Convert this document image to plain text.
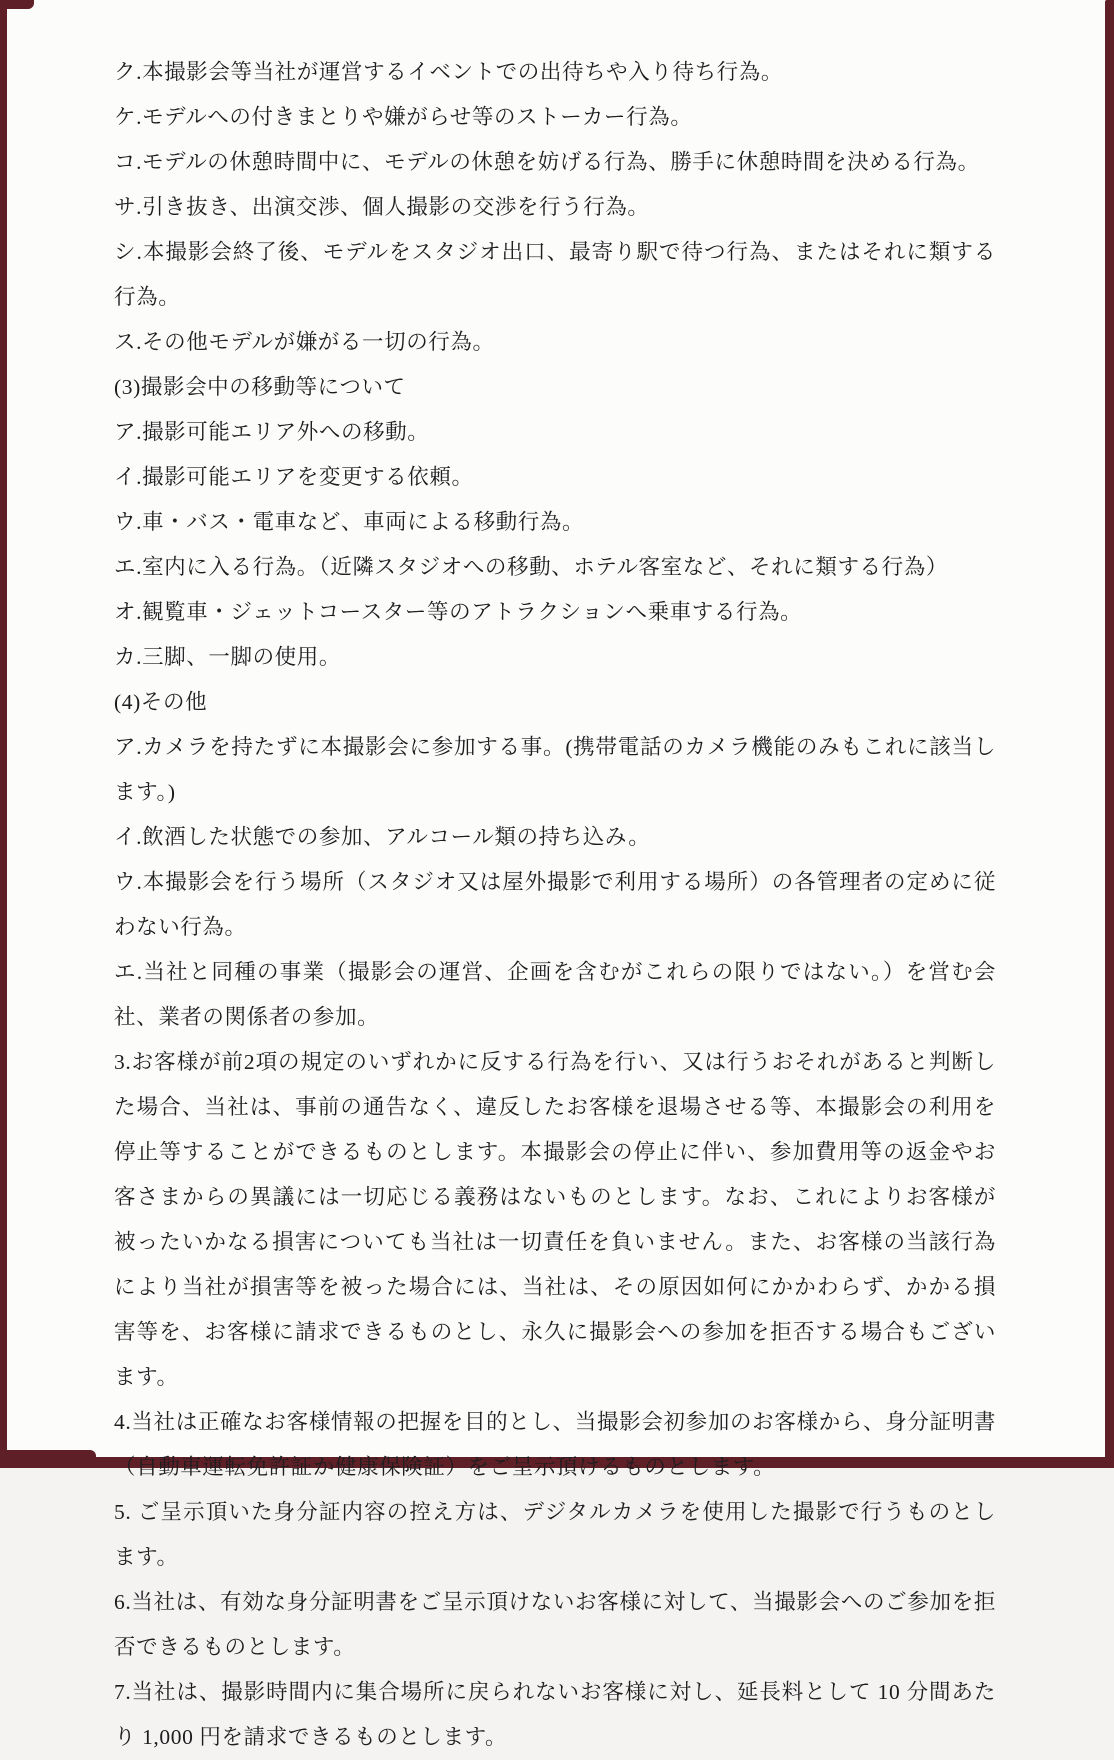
ク.本撮影会等当社が運営するイベントでの出待ちや入り待ち行為。

ケ.モデルへの付きまとりや嫌がらせ等のストーカー行為。

コ.モデルの休憩時間中に、モデルの休憩を妨げる行為、勝手に休憩時間を決める行為。

サ.引き抜き、出演交渉、個人撮影の交渉を行う行為。

シ.本撮影会終了後、モデルをスタジオ出口、最寄り駅で待つ行為、またはそれに類する行為。

ス.その他モデルが嫌がる一切の行為。

(3)撮影会中の移動等について

ア.撮影可能エリア外への移動。

イ.撮影可能エリアを変更する依頼。

ウ.車・バス・電車など、車両による移動行為。

エ.室内に入る行為。（近隣スタジオへの移動、ホテル客室など、それに類する行為）

オ.観覧車・ジェットコースター等のアトラクションへ乗車する行為。

カ.三脚、一脚の使用。

(4)その他

ア.カメラを持たずに本撮影会に参加する事。(携帯電話のカメラ機能のみもこれに該当します。)

イ.飲酒した状態での参加、アルコール類の持ち込み。

ウ.本撮影会を行う場所（スタジオ又は屋外撮影で利用する場所）の各管理者の定めに従わない行為。

エ.当社と同種の事業（撮影会の運営、企画を含むがこれらの限りではない。）を営む会社、業者の関係者の参加。

3.お客様が前2項の規定のいずれかに反する行為を行い、又は行うおそれがあると判断した場合、当社は、事前の通告なく、違反したお客様を退場させる等、本撮影会の利用を停止等することができるものとします。本撮影会の停止に伴い、参加費用等の返金やお客さまからの異議には一切応じる義務はないものとします。なお、これによりお客様が被ったいかなる損害についても当社は一切責任を負いません。また、お客様の当該行為により当社が損害等を被った場合には、当社は、その原因如何にかかわらず、かかる損害等を、お客様に請求できるものとし、永久に撮影会への参加を拒否する場合もございます。

4.当社は正確なお客様情報の把握を目的とし、当撮影会初参加のお客様から、身分証明書（自動車運転免許証か健康保険証）をご呈示頂けるものとします。

5. ご呈示頂いた身分証内容の控え方は、デジタルカメラを使用した撮影で行うものとします。

6.当社は、有効な身分証明書をご呈示頂けないお客様に対して、当撮影会へのご参加を拒否できるものとします。

7.当社は、撮影時間内に集合場所に戻られないお客様に対し、延長料として 10 分間あたり 1,000 円を請求できるものとします。
